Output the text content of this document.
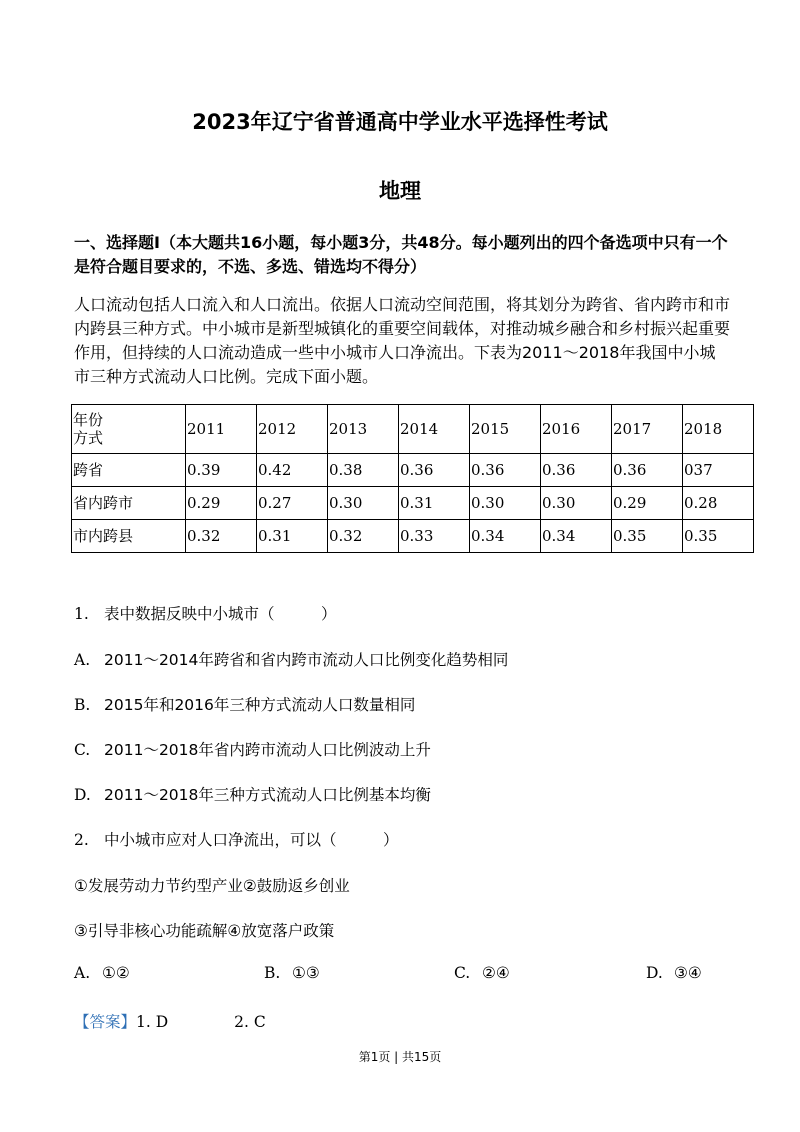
2023年辽宁省普通高中学业水平选择性考试
地理
一、选择题Ⅰ（本大题共16小题，每小题3分，共48分。每小题列出的四个备选项中只有一个是符合题目要求的，不选、多选、错选均不得分）
人口流动包括人口流入和人口流出。依据人口流动空间范围，将其划分为跨省、省内跨市和市内跨县三种方式。中小城市是新型城镇化的重要空间载体，对推动城乡融合和乡村振兴起重要作用，但持续的人口流动造成一些中小城市人口净流出。下表为2011～2018年我国中小城市三种方式流动人口比例。完成下面小题。
年份
方式	2011	2012	2013	2014	2015	2016	2017	2018
跨省	0.39	0.42	0.38	0.36	0.36	0.36	0.36	037
省内跨市	0.29	0.27	0.30	0.31	0.30	0.30	0.29	0.28
市内跨县	0.32	0.31	0.32	0.33	0.34	0.34	0.35	0.35
1. 表中数据反映中小城市（　　　）
A. 2011～2014年跨省和省内跨市流动人口比例变化趋势相同
B. 2015年和2016年三种方式流动人口数量相同
C. 2011～2018年省内跨市流动人口比例波动上升
D. 2011～2018年三种方式流动人口比例基本均衡
2. 中小城市应对人口净流出，可以（　　　）
①发展劳动力节约型产业②鼓励返乡创业
③引导非核心功能疏解④放宽落户政策
A. ①②	B. ①③	C. ②④	D. ③④
【答案】1. D	2. C
第1页 | 共15页
